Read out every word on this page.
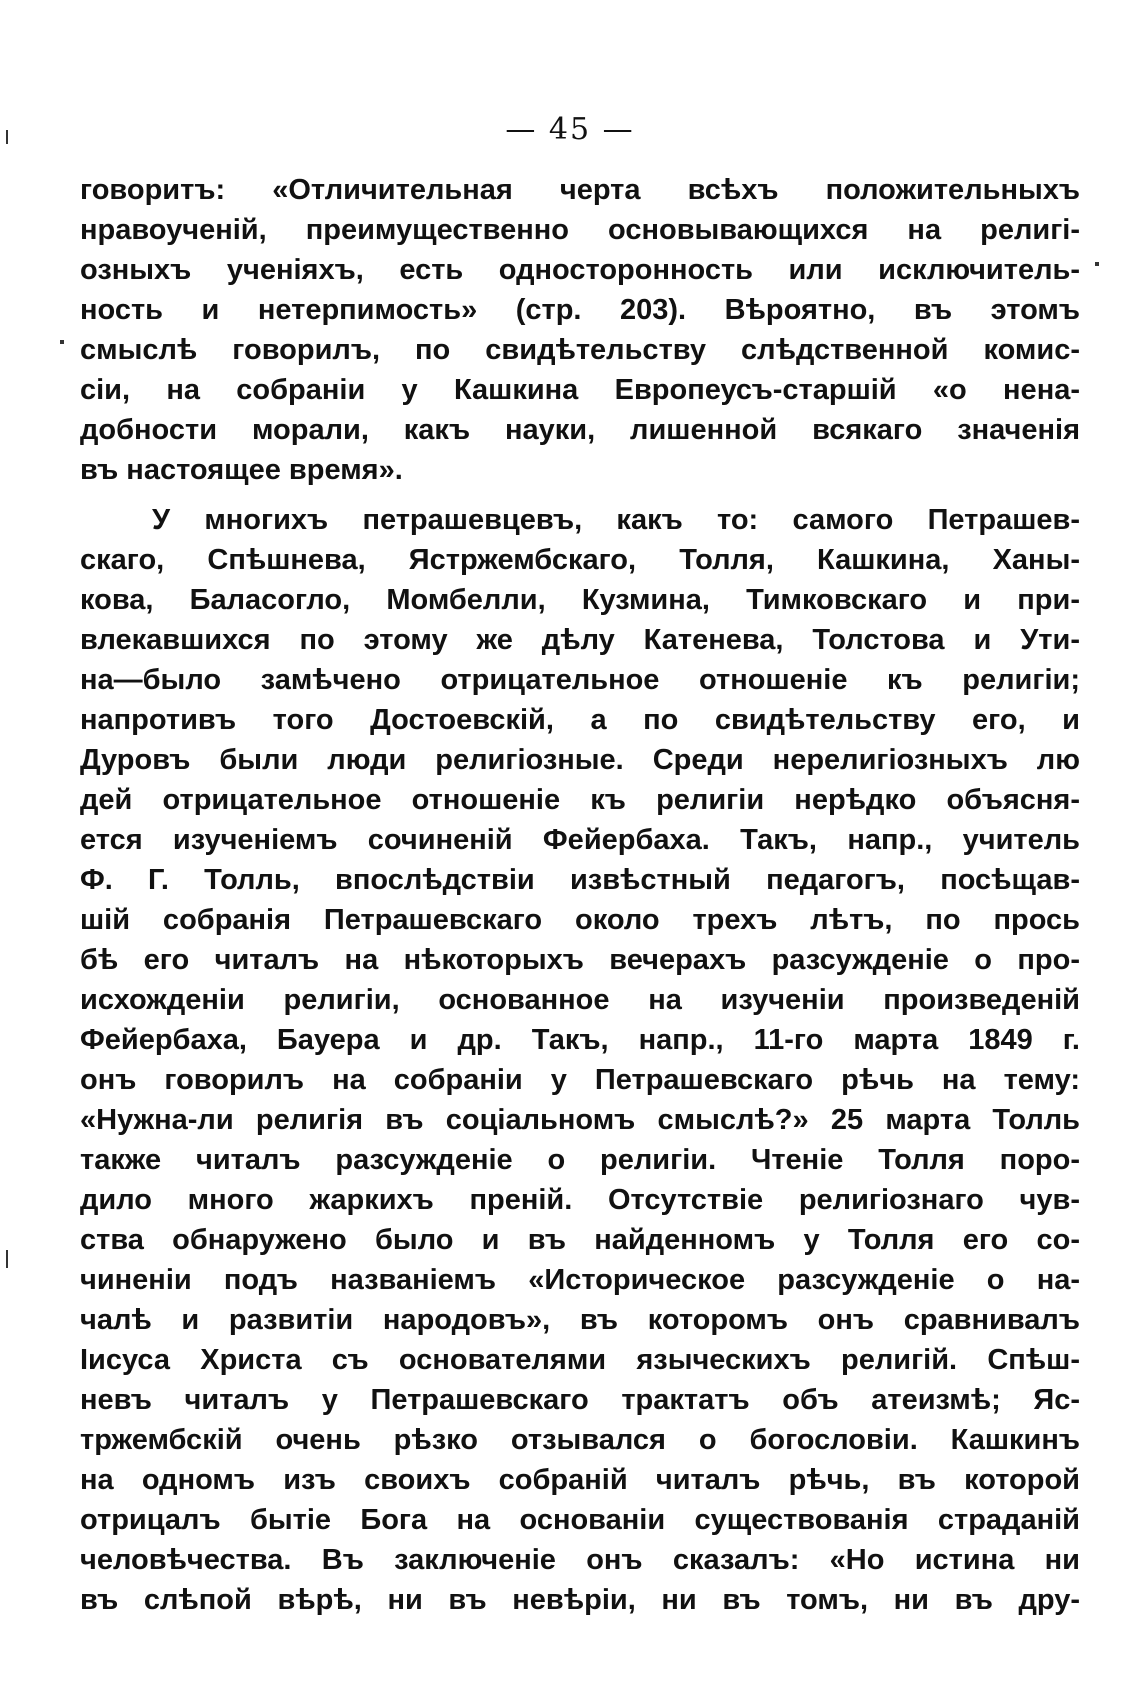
— 45 —
говоритъ: «Отличительная черта всѣхъ положительныхъ
нравоученій, преимущественно основывающихся на религі-
озныхъ ученіяхъ, есть односторонность или исключитель-
ность и нетерпимость» (стр. 203). Вѣроятно, въ этомъ
смыслѣ говорилъ, по свидѣтельству слѣдственной комис-
сіи, на собраніи у Кашкина Европеусъ-старшій «о нена-
добности морали, какъ науки, лишенной всякаго значенія
въ настоящее время».
У многихъ петрашевцевъ, какъ то: самого Петрашев-
скаго, Спѣшнева, Ястржембскаго, Толля, Кашкина, Ханы-
кова, Баласогло, Момбелли, Кузмина, Тимковскаго и при-
влекавшихся по этому же дѣлу Катенева, Толстова и Ути-
на—было замѣчено отрицательное отношеніе къ религіи;
напротивъ того Достоевскій, а по свидѣтельству его, и
Дуровъ были люди религіозные. Среди нерелигіозныхъ лю
дей отрицательное отношеніе къ религіи нерѣдко объясня-
ется изученіемъ сочиненій Фейербаха. Такъ, напр., учитель
Ф. Г. Толль, впослѣдствіи извѣстный педагогъ, посѣщав-
шій собранія Петрашевскаго около трехъ лѣтъ, по прось
бѣ его читалъ на нѣкоторыхъ вечерахъ разсужденіе о про-
исхожденіи религіи, основанное на изученіи произведеній
Фейербаха, Бауера и др. Такъ, напр., 11-го марта 1849 г.
онъ говорилъ на собраніи у Петрашевскаго рѣчь на тему:
«Нужна-ли религія въ соціальномъ смыслѣ?» 25 марта Толль
также читалъ разсужденіе о религіи. Чтеніе Толля поро-
дило много жаркихъ преній. Отсутствіе религіознаго чув-
ства обнаружено было и въ найденномъ у Толля его со-
чиненіи подъ названіемъ «Историческое разсужденіе о на-
чалѣ и развитіи народовъ», въ которомъ онъ сравнивалъ
Іисуса Христа съ основателями языческихъ религій. Спѣш-
невъ читалъ у Петрашевскаго трактатъ объ атеизмѣ; Яс-
тржембскій очень рѣзко отзывался о богословіи. Кашкинъ
на одномъ изъ своихъ собраній читалъ рѣчь, въ которой
отрицалъ бытіе Бога на основаніи существованія страданій
человѣчества. Въ заключеніе онъ сказалъ: «Но истина ни
въ слѣпой вѣрѣ, ни въ невѣріи, ни въ томъ, ни въ дру-
